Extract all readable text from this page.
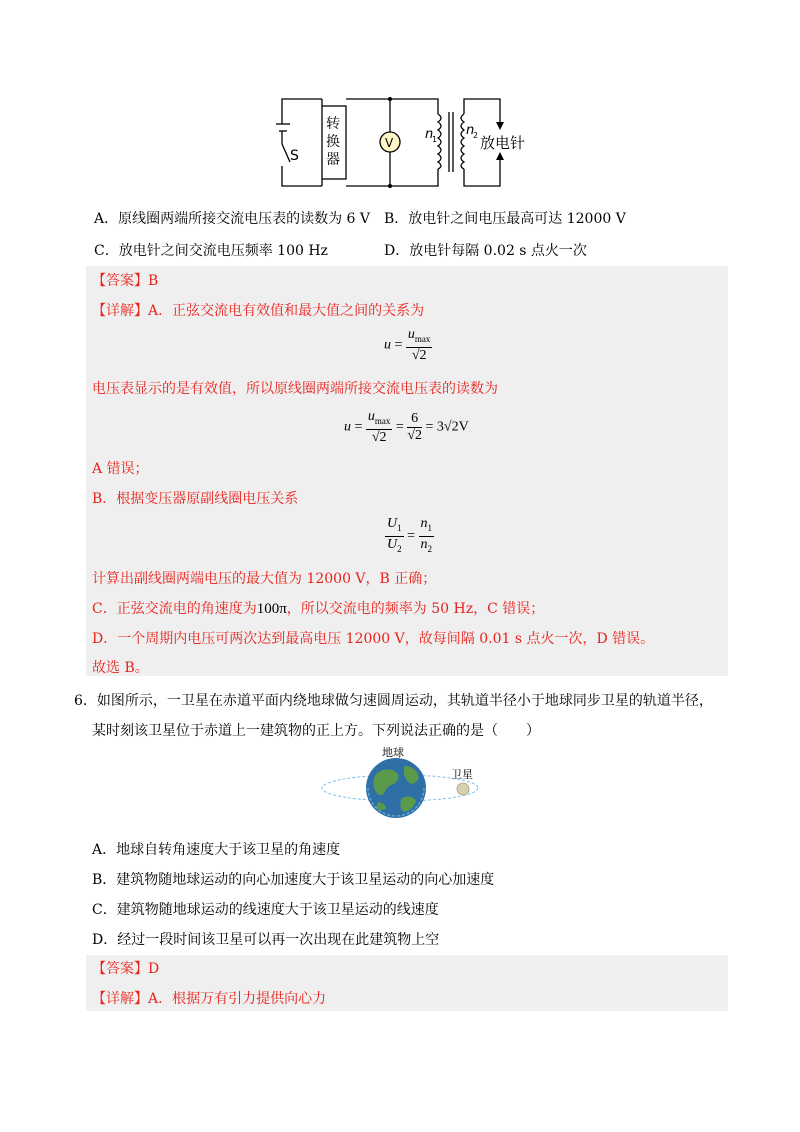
S
转
换
器
V
n
1
n
2 放电针
A．原线圈两端所接交流电压表的读数为 6 V B．放电针之间电压最高可达 12000 V
C．放电针之间交流电压频率 100 Hz	D．放电针每隔 0.02 s 点火一次
【答案】B
【详解】A．正弦交流电有效值和最大值之间的关系为
$u = \frac{u_{max}}{√2}$
电压表显示的是有效值，所以原线圈两端所接交流电压表的读数为
$u = \frac{u_{max}}{√2} = \frac{6}{√2} = 3√2V$
A 错误；
B．根据变压器原副线圈电压关系
$\frac{U_1}{U_2} = \frac{n_1}{n_2}$
计算出副线圈两端电压的最大值为 12000 V，B 正确；
C．正弦交流电的角速度为100π，所以交流电的频率为 50 Hz，C 错误；
D．一个周期内电压可两次达到最高电压 12000 V，故每间隔 0.01 s 点火一次，D 错误。
故选 B。
6．如图所示，一卫星在赤道平面内绕地球做匀速圆周运动，其轨道半径小于地球同步卫星的轨道半径，
某时刻该卫星位于赤道上一建筑物的正上方。下列说法正确的是（　　）
地球
卫星
A．地球自转角速度大于该卫星的角速度
B．建筑物随地球运动的向心加速度大于该卫星运动的向心加速度
C．建筑物随地球运动的线速度大于该卫星运动的线速度
D．经过一段时间该卫星可以再一次出现在此建筑物上空
【答案】D
【详解】A．根据万有引力提供向心力
